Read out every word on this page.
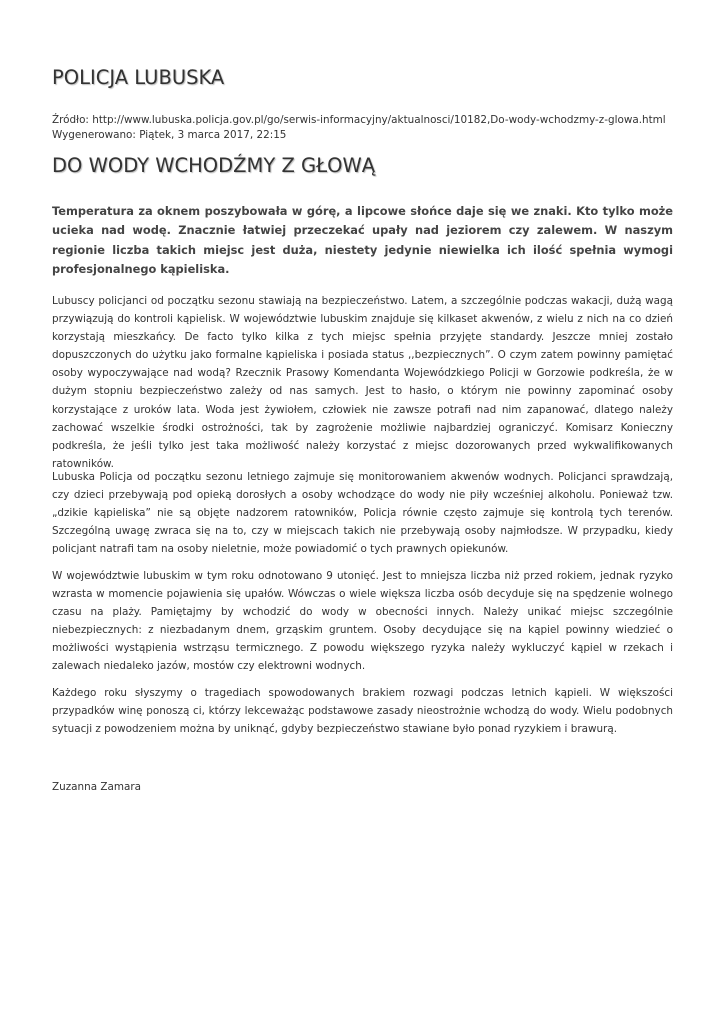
POLICJA LUBUSKA
Źródło: http://www.lubuska.policja.gov.pl/go/serwis-informacyjny/aktualnosci/10182,Do-wody-wchodzmy-z-glowa.html
Wygenerowano: Piątek, 3 marca 2017, 22:15
DO WODY WCHODŹMY Z GŁOWĄ

Temperatura za oknem poszybowała w górę, a lipcowe słońce daje się we znaki. Kto tylko może ucieka nad wodę. Znacznie łatwiej przeczekać upały nad jeziorem czy zalewem. W naszym regionie liczba takich miejsc jest duża, niestety jedynie niewielka ich ilość spełnia wymogi profesjonalnego kąpieliska.

Lubuscy policjanci od początku sezonu stawiają na bezpieczeństwo. Latem, a szczególnie podczas wakacji, dużą wagą przywiązują do kontroli kąpielisk. W województwie lubuskim znajduje się kilkaset akwenów, z wielu z nich na co dzień korzystają mieszkańcy. De facto tylko kilka z tych miejsc spełnia przyjęte standardy. Jeszcze mniej zostało dopuszczonych do użytku jako formalne kąpieliska i posiada status ,,bezpiecznych”. O czym zatem powinny pamiętać osoby wypoczywające nad wodą? Rzecznik Prasowy Komendanta Wojewódzkiego Policji w Gorzowie podkreśla, że w dużym stopniu bezpieczeństwo zależy od nas samych. Jest to hasło, o którym nie powinny zapominać osoby korzystające z uroków lata. Woda jest żywiołem, człowiek nie zawsze potrafi nad nim zapanować, dlatego należy zachować wszelkie środki ostrożności, tak by zagrożenie możliwie najbardziej ograniczyć. Komisarz Konieczny podkreśla, że jeśli tylko jest taka możliwość należy korzystać z miejsc dozorowanych przed wykwalifikowanych ratowników.

Lubuska Policja od początku sezonu letniego zajmuje się monitorowaniem akwenów wodnych. Policjanci sprawdzają, czy dzieci przebywają pod opieką dorosłych a osoby wchodzące do wody nie piły wcześniej alkoholu. Ponieważ tzw. „dzikie kąpieliska” nie są objęte nadzorem ratowników, Policja równie często zajmuje się kontrolą tych terenów. Szczególną uwagę zwraca się na to, czy w miejscach takich nie przebywają osoby najmłodsze. W przypadku, kiedy policjant natrafi tam na osoby nieletnie, może powiadomić o tych prawnych opiekunów.

W województwie lubuskim w tym roku odnotowano 9 utonięć. Jest to mniejsza liczba niż przed rokiem, jednak ryzyko wzrasta w momencie pojawienia się upałów. Wówczas o wiele większa liczba osób decyduje się na spędzenie wolnego czasu na plaży. Pamiętajmy by wchodzić do wody w obecności innych. Należy unikać miejsc szczególnie niebezpiecznych: z niezbadanym dnem, grząskim gruntem. Osoby decydujące się na kąpiel powinny wiedzieć o możliwości wystąpienia wstrząsu termicznego. Z powodu większego ryzyka należy wykluczyć kąpiel w rzekach i zalewach niedaleko jazów, mostów czy elektrowni wodnych.

Każdego roku słyszymy o tragediach spowodowanych brakiem rozwagi podczas letnich kąpieli. W większości przypadków winę ponoszą ci, którzy lekceważąc podstawowe zasady nieostrożnie wchodzą do wody. Wielu podobnych sytuacji z powodzeniem można by uniknąć, gdyby bezpieczeństwo stawiane było ponad ryzykiem i brawurą.

Zuzanna Zamara
